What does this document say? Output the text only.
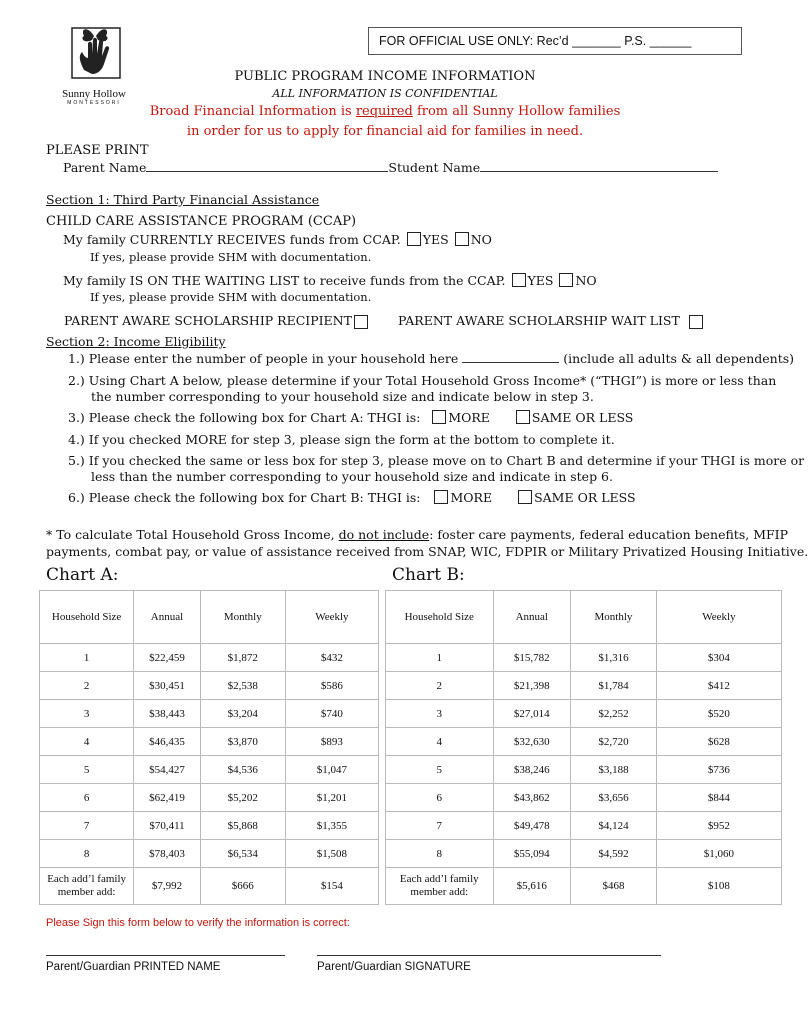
Sunny Hollow
MONTESSORI
FOR OFFICIAL USE ONLY: Rec’d _______ P.S. ______
PUBLIC PROGRAM INCOME INFORMATION
ALL INFORMATION IS CONFIDENTIAL
Broad Financial Information is required from all Sunny Hollow families
in order for us to apply for financial aid for families in need.
PLEASE PRINT
Parent Name	Student Name
Section 1: Third Party Financial Assistance
CHILD CARE ASSISTANCE PROGRAM (CCAP)
My family CURRENTLY RECEIVES funds from CCAP. YES NO
If yes, please provide SHM with documentation.
My family IS ON THE WAITING LIST to receive funds from the CCAP. YES NO
If yes, please provide SHM with documentation.
PARENT AWARE SCHOLARSHIP RECIPIENT	PARENT AWARE SCHOLARSHIP WAIT LIST
Section 2: Income Eligibility
1.) Please enter the number of people in your household here	(include all adults & all dependents)
2.) Using Chart A below, please determine if your Total Household Gross Income* (“THGI”) is more or less than
the number corresponding to your household size and indicate below in step 3.
3.) Please check the following box for Chart A: THGI is: MORE	SAME OR LESS
4.) If you checked MORE for step 3, please sign the form at the bottom to complete it.
5.) If you checked the same or less box for step 3, please move on to Chart B and determine if your THGI is more or
less than the number corresponding to your household size and indicate in step 6.
6.) Please check the following box for Chart B: THGI is: MORE	SAME OR LESS
* To calculate Total Household Gross Income, do not include: foster care payments, federal education benefits, MFIP
payments, combat pay, or value of assistance received from SNAP, WIC, FDPIR or Military Privatized Housing Initiative.
Chart A:	Chart B:
Household Size	Annual	Monthly	Weekly
1	$22,459	$1,872	$432
2	$30,451	$2,538	$586
3	$38,443	$3,204	$740
4	$46,435	$3,870	$893
5	$54,427	$4,536	$1,047
6	$62,419	$5,202	$1,201
7	$70,411	$5,868	$1,355
8	$78,403	$6,534	$1,508
Each add’l family member add:	$7,992	$666	$154
Household Size	Annual	Monthly	Weekly
1	$15,782	$1,316	$304
2	$21,398	$1,784	$412
3	$27,014	$2,252	$520
4	$32,630	$2,720	$628
5	$38,246	$3,188	$736
6	$43,862	$3,656	$844
7	$49,478	$4,124	$952
8	$55,094	$4,592	$1,060
Each add’l family member add:	$5,616	$468	$108
Please Sign this form below to verify the information is correct:
Parent/Guardian PRINTED NAME	Parent/Guardian SIGNATURE
